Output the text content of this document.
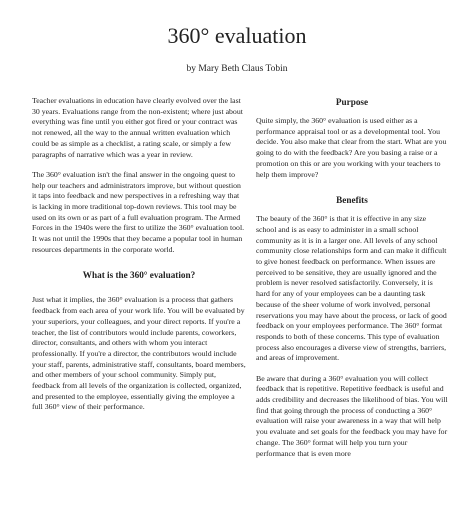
360° evaluation
by Mary Beth Claus Tobin

Teacher evaluations in education have clearly evolved over the last 30 years. Evaluations range from the non-existent; where just about everything was fine until you either got fired or your contract was not renewed, all the way to the annual written evaluation which could be as simple as a checklist, a rating scale, or simply a few paragraphs of narrative which was a year in review.

The 360° evaluation isn't the final answer in the ongoing quest to help our teachers and administrators improve, but without question it taps into feedback and new perspectives in a refreshing way that is lacking in more traditional top-down reviews. This tool may be used on its own or as part of a full evaluation program. The Armed Forces in the 1940s were the first to utilize the 360° evaluation tool. It was not until the 1990s that they became a popular tool in human resources departments in the corporate world.

What is the 360° evaluation?

Just what it implies, the 360° evaluation is a process that gathers feedback from each area of your work life. You will be evaluated by your superiors, your colleagues, and your direct reports. If you're a teacher, the list of contributors would include parents, coworkers, director, consultants, and others with whom you interact professionally. If you're a director, the contributors would include your staff, parents, administrative staff, consultants, board members, and other members of your school community. Simply put, feedback from all levels of the organization is collected, organized, and presented to the employee, essentially giving the employee a full 360° view of their performance.

Purpose

Quite simply, the 360° evaluation is used either as a performance appraisal tool or as a developmental tool. You decide. You also make that clear from the start. What are you going to do with the feedback? Are you basing a raise or a promotion on this or are you working with your teachers to help them improve?

Benefits

The beauty of the 360° is that it is effective in any size school and is as easy to administer in a small school community as it is in a larger one. All levels of any school community close relationships form and can make it difficult to give honest feedback on performance. When issues are perceived to be sensitive, they are usually ignored and the problem is never resolved satisfactorily. Conversely, it is hard for any of your employees can be a daunting task because of the sheer volume of work involved, personal reservations you may have about the process, or lack of good feedback on your employees performance. The 360° format responds to both of these concerns. This type of evaluation process also encourages a diverse view of strengths, barriers, and areas of improvement.

Be aware that during a 360° evaluation you will collect feedback that is repetitive. Repetitive feedback is useful and adds credibility and decreases the likelihood of bias. You will find that going through the process of conducting a 360° evaluation will raise your awareness in a way that will help you evaluate and set goals for the feedback you may have for change. The 360° format will help you turn your performance that is even more
